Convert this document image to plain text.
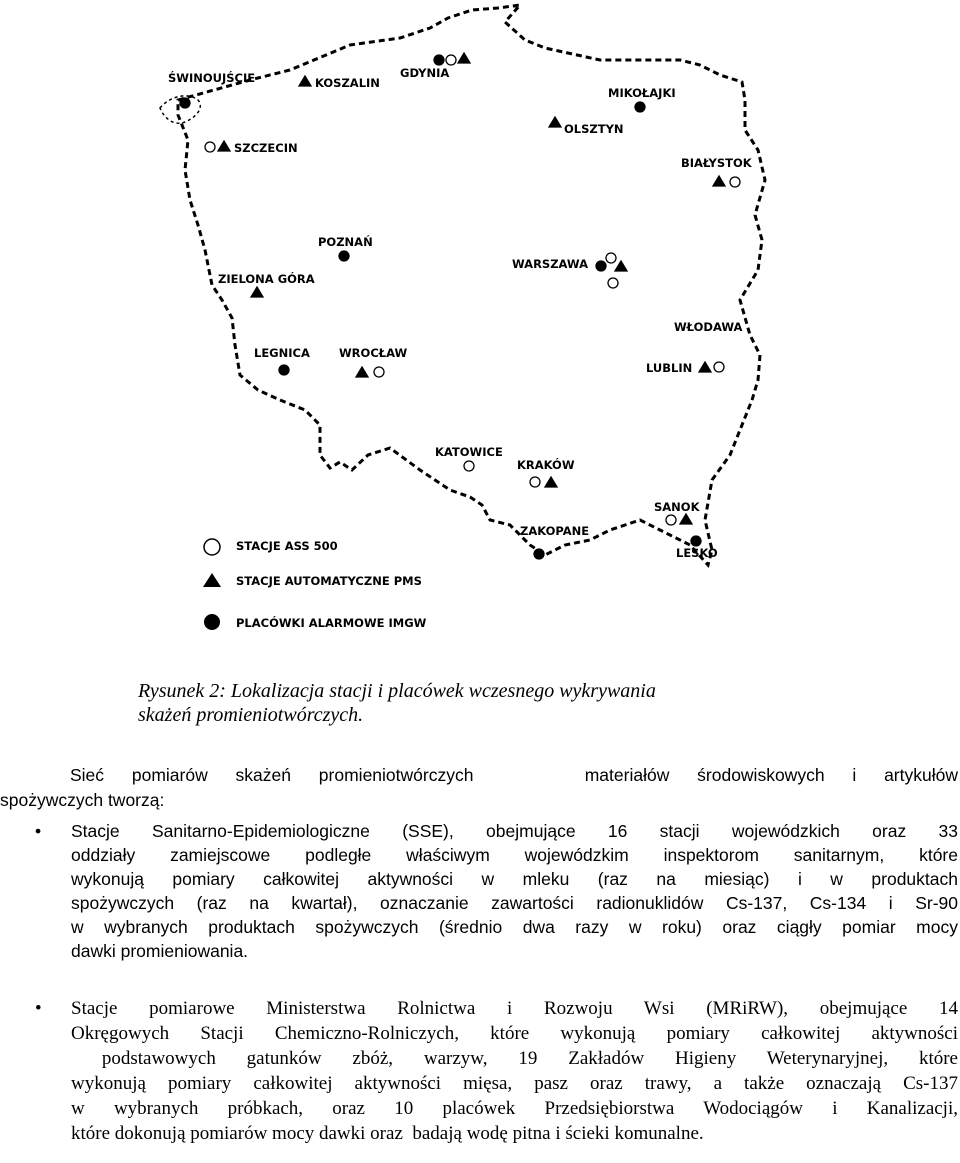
ŚWINOUJŚCIE	KOSZALIN
GDYNIA
MIKOŁAJKI
OLSZTYN
SZCZECIN
BIAŁYSTOK
POZNAŃ
ZIELONA GÓRA
WARSZAWA
WŁODAWA
LEGNICA	WROCŁAW
LUBLIN
KATOWICE
KRAKÓW
SANOK
ZAKOPANE
LESKO
STACJE ASS 500
STACJE AUTOMATYCZNE PMS
PLACÓWKI ALARMOWE IMGW
Rysunek 2: Lokalizacja stacji i placówek wczesnego wykrywania
skażeń promieniotwórczych.
Sieć pomiarów skażeń promieniotwórczych    materiałów środowiskowych i artykułów
spożywczych tworzą:
• Stacje Sanitarno-Epidemiologiczne (SSE), obejmujące 16 stacji wojewódzkich oraz 33
oddziały zamiejscowe podległe właściwym wojewódzkim inspektorom sanitarnym, które
wykonują pomiary całkowitej aktywności w mleku (raz na miesiąc) i w produktach
spożywczych (raz na kwartał), oznaczanie zawartości radionuklidów Cs-137, Cs-134 i Sr-90
w wybranych produktach spożywczych (średnio dwa razy w roku) oraz ciągły pomiar mocy
dawki promieniowania.
• Stacje pomiarowe Ministerstwa Rolnictwa i Rozwoju Wsi (MRiRW), obejmujące 14
Okręgowych Stacji Chemiczno-Rolniczych, które wykonują pomiary całkowitej aktywności
podstawowych gatunków zbóż, warzyw, 19 Zakładów Higieny Weterynaryjnej, które
wykonują pomiary całkowitej aktywności mięsa, pasz oraz trawy, a także oznaczają Cs-137
w wybranych próbkach, oraz 10 placówek Przedsiębiorstwa Wodociągów i Kanalizacji,
które dokonują pomiarów mocy dawki oraz  badają wodę pitna i ścieki komunalne.
